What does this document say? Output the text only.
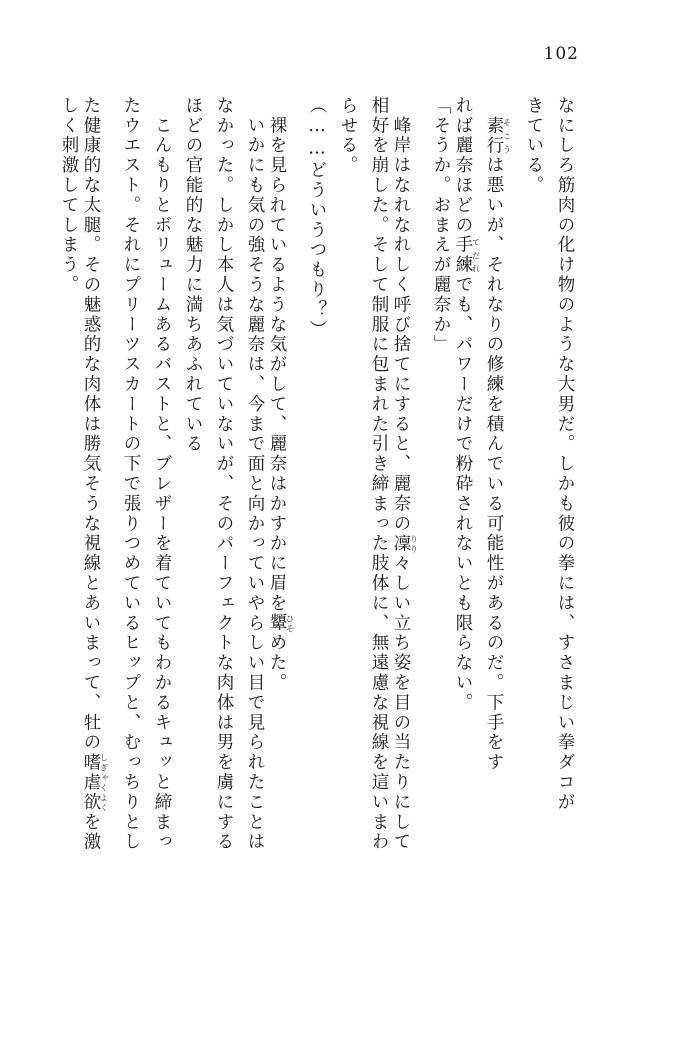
102
しく刺激してしまう。 た健康的な太腿。その魅惑的な肉体は勝気そうな視線とあいまって、牡の嗜虐欲しぎゃくよくを激	たウエスト。それにプリーツスカートの下で張りつめているヒップと、むっちりとし 　こんもりとボリュームあるバストと、ブレザーを着ていてもわかるキュッと締まっ ほどの官能的な魅力に満ちあふれている なかった。しかし本人は気づいていないが、そのパーフェクトな肉体は男を虜にする 　いかにも気の強そうな麗奈は、今まで面と向かっていやらしい目で見られたことは 　裸を見られているような気がして、麗奈はかすかに眉を顰ひそめた。
（……どういうつもり？） らせる。 相好を崩した。そして制服に包まれた引き締まった肢体に、無遠慮な視線を這いまわ 　峰岸はなれなれしく呼び捨てにすると、麗奈の凜りり々しい立ち姿を目の当たりにして
「そうか。おまえが麗奈か」 れば麗奈ほどの手練てだれでも、パワーだけで粉砕されないとも限らない。
　素行そこうは悪いが、それなりの修練を積んでいる可能性があるのだ。下手をす
きている。 なにしろ筋肉の化け物のような大男だ。しかも彼の拳には、すさまじい拳ダコが
